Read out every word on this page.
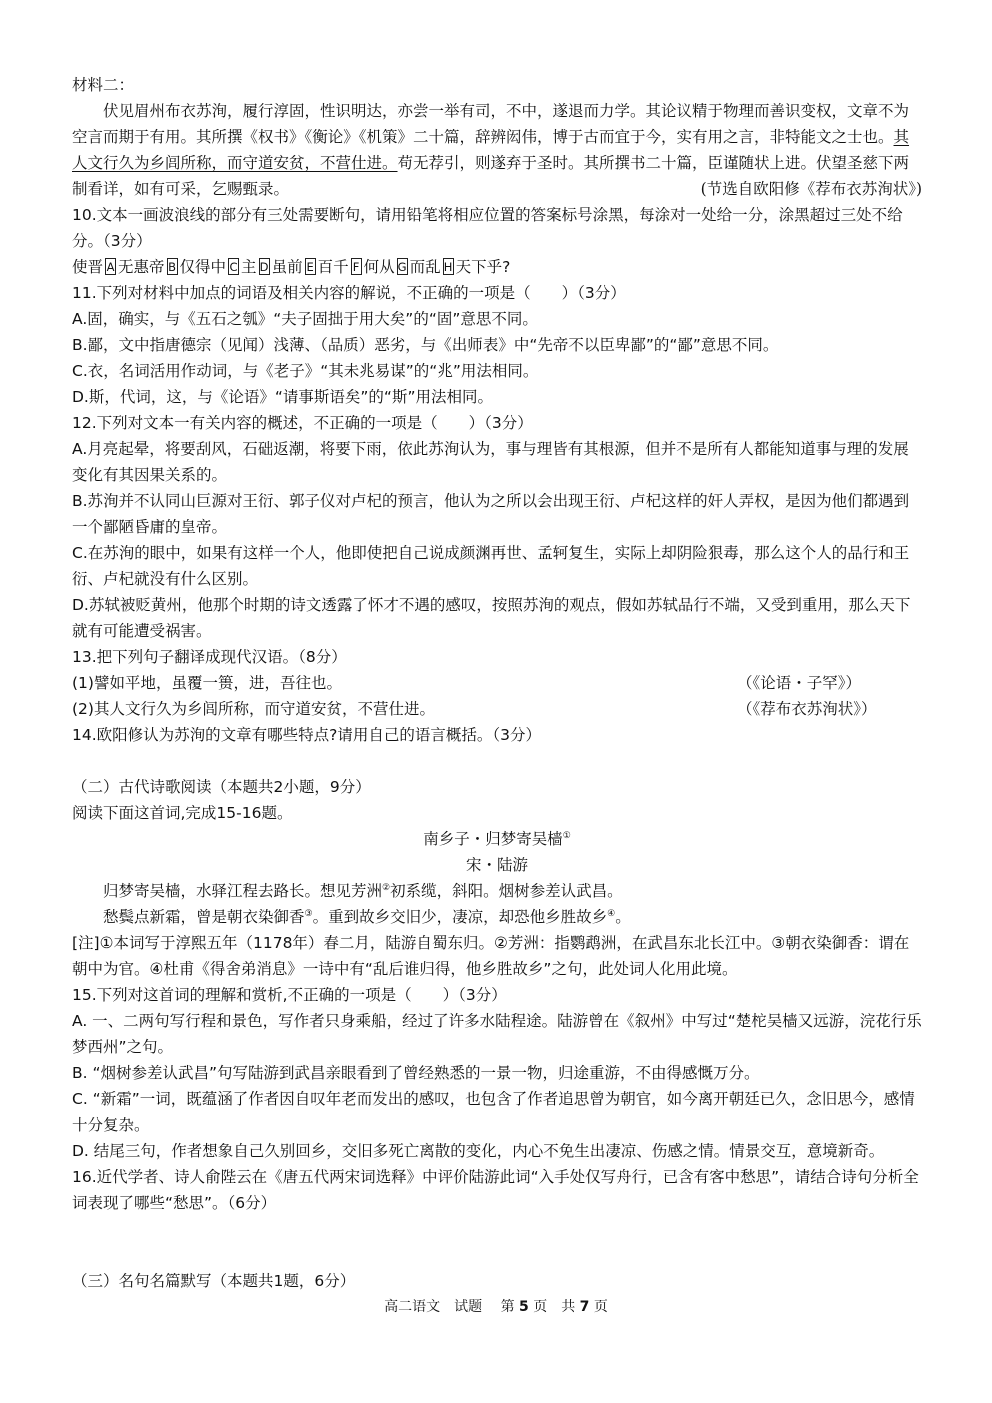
材料二：
伏见眉州布衣苏洵，履行淳固，性识明达，亦尝一举有司，不中，遂退而力学。其论议精于物理而善识变权，文章不为空言而期于有用。其所撰《权书》《衡论》《机策》二十篇，辞辨闳伟，博于古而宜于今，实有用之言，非特能文之士也。其人文行久为乡闾所称，而守道安贫，不营仕进。苟无荐引，则遂弃于圣时。其所撰书二十篇，臣谨随状上进。伏望圣慈下两制看详，如有可采，乞赐甄录。	(节选自欧阳修《荐布衣苏洵状》)
10.文本一画波浪线的部分有三处需要断句，请用铅笔将相应位置的答案标号涂黑，每涂对一处给一分，涂黑超过三处不给分。（3分）
使晋 A 无惠帝 B 仅得中 C 主 D 虽前 E 百千 F 何从 G 而乱 H 天下乎?
11.下列对材料中加点的词语及相关内容的解说，不正确的一项是（　　）（3分）
A.固，确实，与《五石之瓠》“夫子固拙于用大矣”的“固”意思不同。
B.鄙，文中指唐德宗（见闻）浅薄、（品质）恶劣，与《出师表》中“先帝不以臣卑鄙”的“鄙”意思不同。
C.衣，名词活用作动词，与《老子》“其未兆易谋”的“兆”用法相同。
D.斯，代词，这，与《论语》“请事斯语矣”的“斯”用法相同。
12.下列对文本一有关内容的概述，不正确的一项是（　　）（3分）
A.月亮起晕，将要刮风，石础返潮，将要下雨，依此苏洵认为，事与理皆有其根源，但并不是所有人都能知道事与理的发展变化有其因果关系的。
B.苏洵并不认同山巨源对王衍、郭子仪对卢杞的预言，他认为之所以会出现王衍、卢杞这样的奸人弄权，是因为他们都遇到一个鄙陋昏庸的皇帝。
C.在苏洵的眼中，如果有这样一个人，他即使把自己说成颜渊再世、孟轲复生，实际上却阴险狠毒，那么这个人的品行和王衍、卢杞就没有什么区别。
D.苏轼被贬黄州，他那个时期的诗文透露了怀才不遇的感叹，按照苏洵的观点，假如苏轼品行不端，又受到重用，那么天下就有可能遭受祸害。
13.把下列句子翻译成现代汉语。（8分）
(1)譬如平地，虽覆一篑，进，吾往也。	（《论语・子罕》）
(2)其人文行久为乡闾所称，而守道安贫，不营仕进。	（《荐布衣苏洵状》）
14.欧阳修认为苏洵的文章有哪些特点?请用自己的语言概括。（3分）
（二）古代诗歌阅读（本题共2小题，9分）
阅读下面这首词,完成15-16题。
南乡子・归梦寄吴樯①
宋・陆游
归梦寄吴樯，水驿江程去路长。想见芳洲②初系缆，斜阳。烟树参差认武昌。
愁鬓点新霜，曾是朝衣染御香③。重到故乡交旧少，凄凉，却恐他乡胜故乡④。
[注]①本词写于淳熙五年（1178年）春二月，陆游自蜀东归。②芳洲：指鹦鹉洲，在武昌东北长江中。③朝衣染御香：谓在朝中为官。④杜甫《得舍弟消息》一诗中有“乱后谁归得，他乡胜故乡”之句，此处词人化用此境。
15.下列对这首词的理解和赏析,不正确的一项是（　　）（3分）
A. 一、二两句写行程和景色，写作者只身乘船，经过了许多水陆程途。陆游曾在《叙州》中写过“楚柁吴樯又远游，浣花行乐梦西州”之句。
B. “烟树参差认武昌”句写陆游到武昌亲眼看到了曾经熟悉的一景一物，归途重游，不由得感慨万分。
C. “新霜”一词，既蕴涵了作者因自叹年老而发出的感叹，也包含了作者追思曾为朝官，如今离开朝廷已久，念旧思今，感情十分复杂。
D. 结尾三句，作者想象自己久别回乡，交旧多死亡离散的变化，内心不免生出凄凉、伤感之情。情景交互，意境新奇。
16.近代学者、诗人俞陛云在《唐五代两宋词选释》中评价陆游此词“入手处仅写舟行，已含有客中愁思”，请结合诗句分析全词表现了哪些“愁思”。（6分）
（三）名句名篇默写（本题共1题，6分）
高二语文　试题　 第 5 页　共 7 页
